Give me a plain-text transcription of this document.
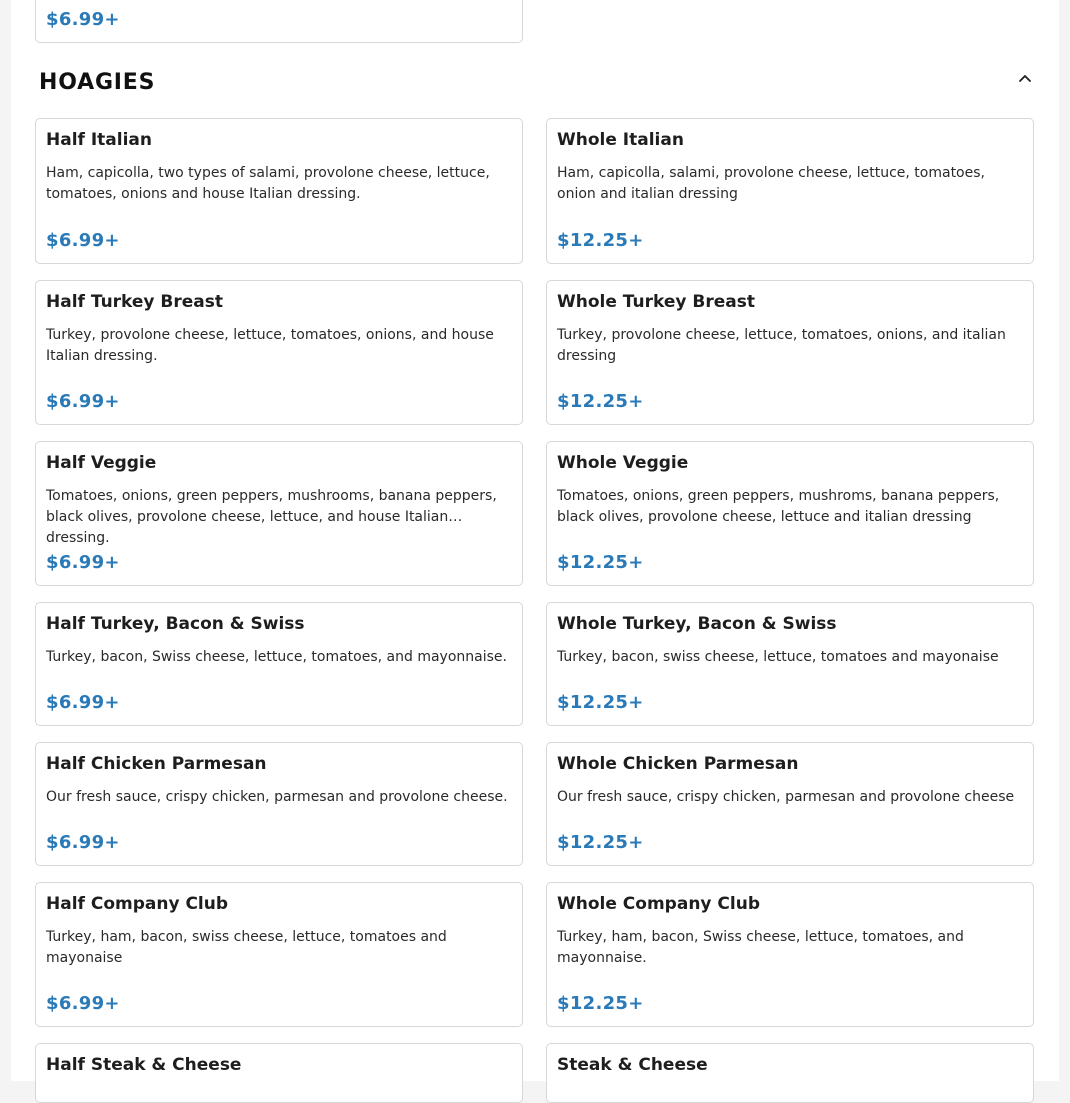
$6.99+
HOAGIES
Half Italian
Ham, capicolla, two types of salami, provolone cheese, lettuce, tomatoes, onions and house Italian dressing.
$6.99+
Whole Italian
Ham, capicolla, salami, provolone cheese, lettuce, tomatoes, onion and italian dressing
$12.25+
Half Turkey Breast
Turkey, provolone cheese, lettuce, tomatoes, onions, and house Italian dressing.
$6.99+
Whole Turkey Breast
Turkey, provolone cheese, lettuce, tomatoes, onions, and italian dressing
$12.25+
Half Veggie
Tomatoes, onions, green peppers, mushrooms, banana peppers, black olives, provolone cheese, lettuce, and house Italian dressing.
$6.99+
Whole Veggie
Tomatoes, onions, green peppers, mushroms, banana peppers, black olives, provolone cheese, lettuce and italian dressing
$12.25+
Half Turkey, Bacon & Swiss
Turkey, bacon, Swiss cheese, lettuce, tomatoes, and mayonnaise.
$6.99+
Whole Turkey, Bacon & Swiss
Turkey, bacon, swiss cheese, lettuce, tomatoes and mayonaise
$12.25+
Half Chicken Parmesan
Our fresh sauce, crispy chicken, parmesan and provolone cheese.
$6.99+
Whole Chicken Parmesan
Our fresh sauce, crispy chicken, parmesan and provolone cheese
$12.25+
Half Company Club
Turkey, ham, bacon, swiss cheese, lettuce, tomatoes and mayonaise
$6.99+
Whole Company Club
Turkey, ham, bacon, Swiss cheese, lettuce, tomatoes, and mayonnaise.
$12.25+
Half Steak & Cheese	Steak & Cheese
